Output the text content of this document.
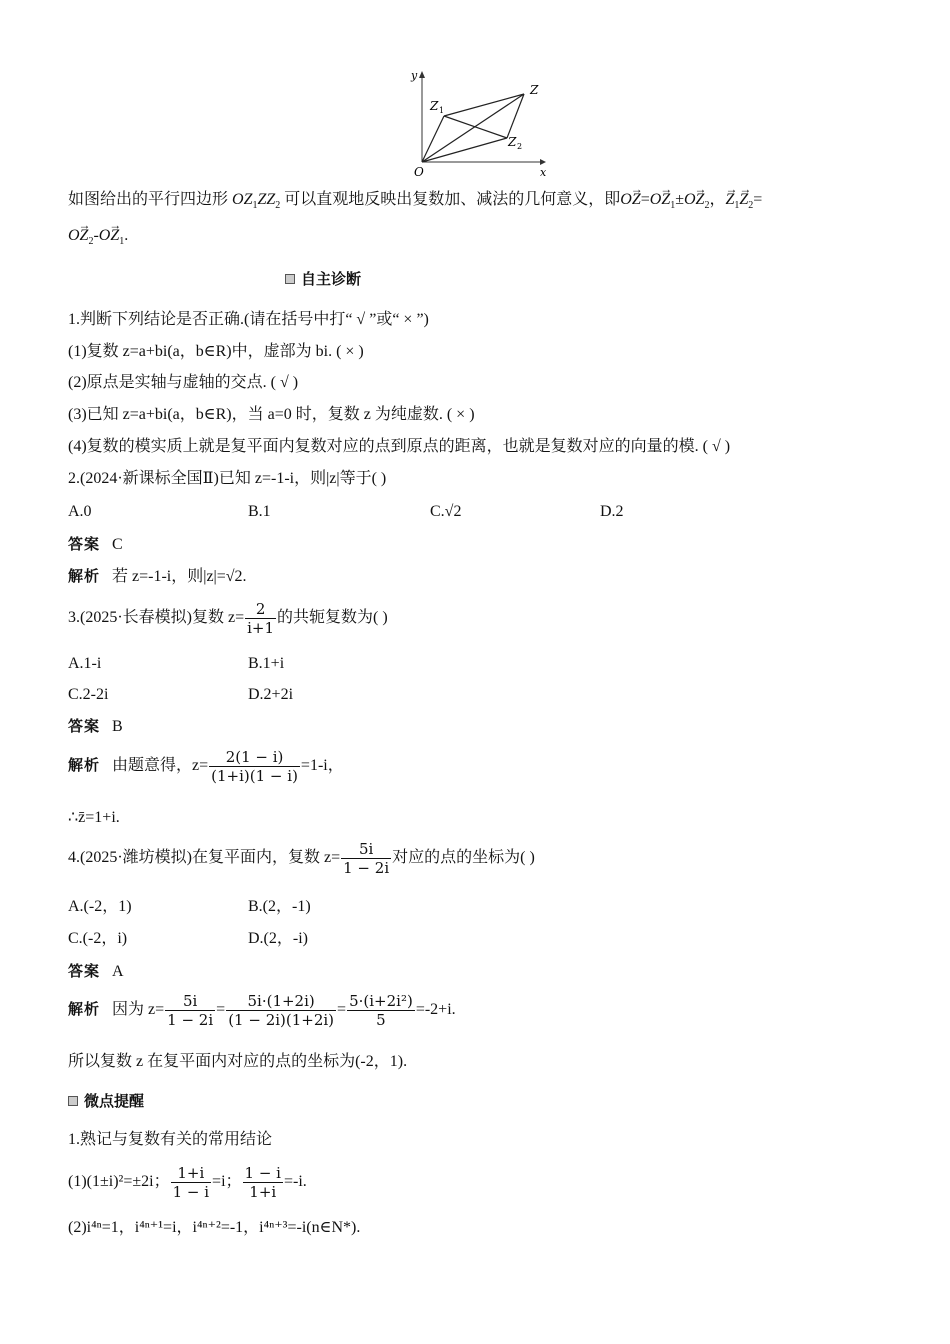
O	x
y
Z
Z 1
Z 2
如图给出的平行四边形 $OZ_1ZZ_2$ 可以直观地反映出复数加、减法的几何意义，即→ $OZ=\to OZ_1\pm\to OZ_2$，→ $Z_1\to Z_2=$
→ $OZ_2-\to OZ_1$.
自主诊断
1.判断下列结论是否正确.(请在括号中打“ √ ”或“ × ”)
(1)复数 z=a+bi(a，b∈R)中，虚部为 bi. ( × )
(2)原点是实轴与虚轴的交点. ( √ )
(3)已知 z=a+bi(a，b∈R)，当 a=0 时，复数 z 为纯虚数. ( × )
(4)复数的模实质上就是复平面内复数对应的点到原点的距离，也就是复数对应的向量的模. ( √ )
2.(2024·新课标全国Ⅱ)已知 z=-1-i，则|z|等于( )
A.0	B.1	C.√2	D.2
答案 C
解析 若 z=-1-i，则|z|=√2.
3.(2025·长春模拟)复数 $z= \frac{2}{i+1}$ 的共轭复数为( )
A.1-i	B.1+i
C.2-2i	D.2+2i
答案 B
解析 由题意得，$z= \frac{2(1 - i)}{(1+i)(1 - i)} =1-i$，
∴z̄=1+i.
4.(2025·潍坊模拟)在复平面内，复数 $z= \frac{5i}{1 - 2i}$ 对应的点的坐标为( )
A.(-2，1)	B.(2，-1)
C.(-2，i)	D.(2，-i)
答案 A
解析 因为 $z= \frac{5i}{1 - 2i} = \frac{5i\cdot(1+2i)}{(1 - 2i)(1+2i)} = \frac{\text{5·(i+2i²)}}{5} =-2+i$.
所以复数 z 在复平面内对应的点的坐标为(-2，1).
微点提醒
1.熟记与复数有关的常用结论
(1)(1±i)²=±2i； $\frac{1+i}{1 - i} =i$； $\frac{1 - i}{1+i} =-i$.
(2)i⁴ⁿ=1，i⁴ⁿ⁺¹=i，i⁴ⁿ⁺²=-1，i⁴ⁿ⁺³=-i(n∈N*).
